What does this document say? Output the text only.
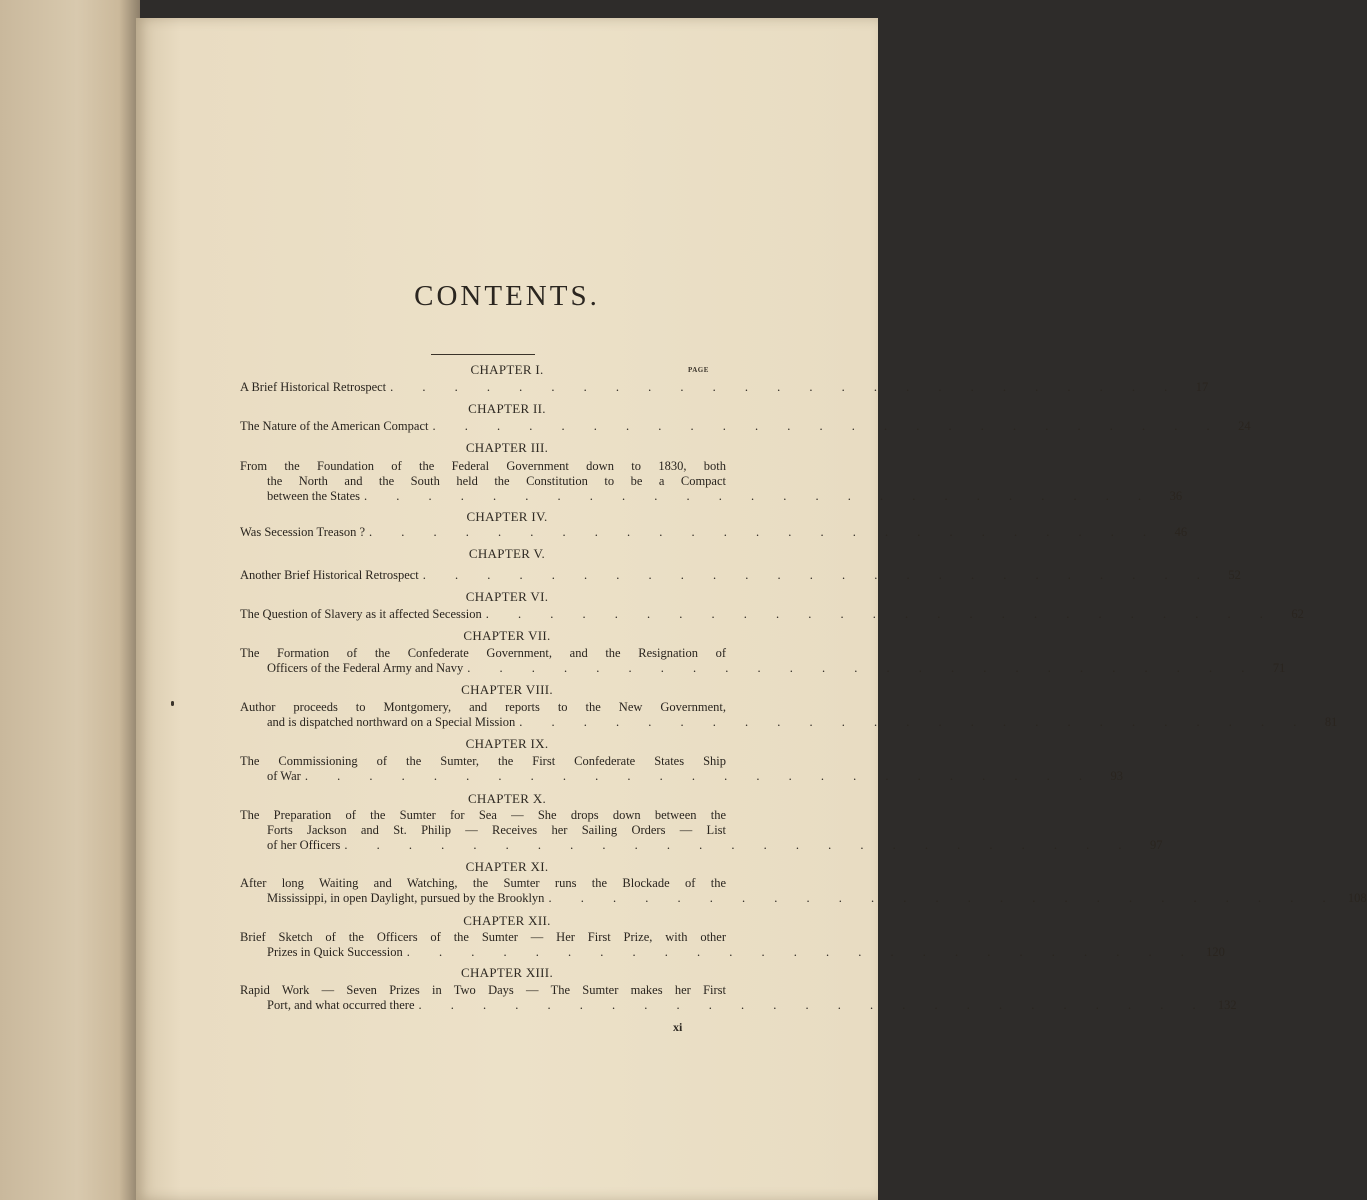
CONTENTS.
PAGE
CHAPTER I.
A Brief Historical Retrospect . . . . . . . . . . . . . . . . . . . . . . . . .	17
CHAPTER II.
The Nature of the American Compact . . . . . . . . . . . . . . . . . . . . . . . . .	24
CHAPTER III.
From the Foundation of the Federal Government down to 1830, both
the North and the South held the Constitution to be a Compact
between the States . . . . . . . . . . . . . . . . . . . . . . . . .	36
CHAPTER IV.
Was Secession Treason ? . . . . . . . . . . . . . . . . . . . . . . . . .	46
CHAPTER V.
Another Brief Historical Retrospect . . . . . . . . . . . . . . . . . . . . . . . . .	52
CHAPTER VI.
The Question of Slavery as it affected Secession . . . . . . . . . . . . . . . . . . . . . . . . .	62
CHAPTER VII.
The Formation of the Confederate Government, and the Resignation of
Officers of the Federal Army and Navy . . . . . . . . . . . . . . . . . . . . . . . . .	71
CHAPTER VIII.
Author proceeds to Montgomery, and reports to the New Government,
and is dispatched northward on a Special Mission . . . . . . . . . . . . . . . . . . . . . . . . .	81
CHAPTER IX.
The Commissioning of the Sumter, the First Confederate States Ship
of War . . . . . . . . . . . . . . . . . . . . . . . . .	93
CHAPTER X.
The Preparation of the Sumter for Sea — She drops down between the
Forts Jackson and St. Philip — Receives her Sailing Orders — List
of her Officers . . . . . . . . . . . . . . . . . . . . . . . . .	97
CHAPTER XI.
After long Waiting and Watching, the Sumter runs the Blockade of the
Mississippi, in open Daylight, pursued by the Brooklyn . . . . . . . . . . . . . . . . . . . . . . . . . 108
CHAPTER XII.
Brief Sketch of the Officers of the Sumter — Her First Prize, with other
Prizes in Quick Succession . . . . . . . . . . . . . . . . . . . . . . . . . 120
CHAPTER XIII.
Rapid Work — Seven Prizes in Two Days — The Sumter makes her First
Port, and what occurred there . . . . . . . . . . . . . . . . . . . . . . . . . 132
xi
